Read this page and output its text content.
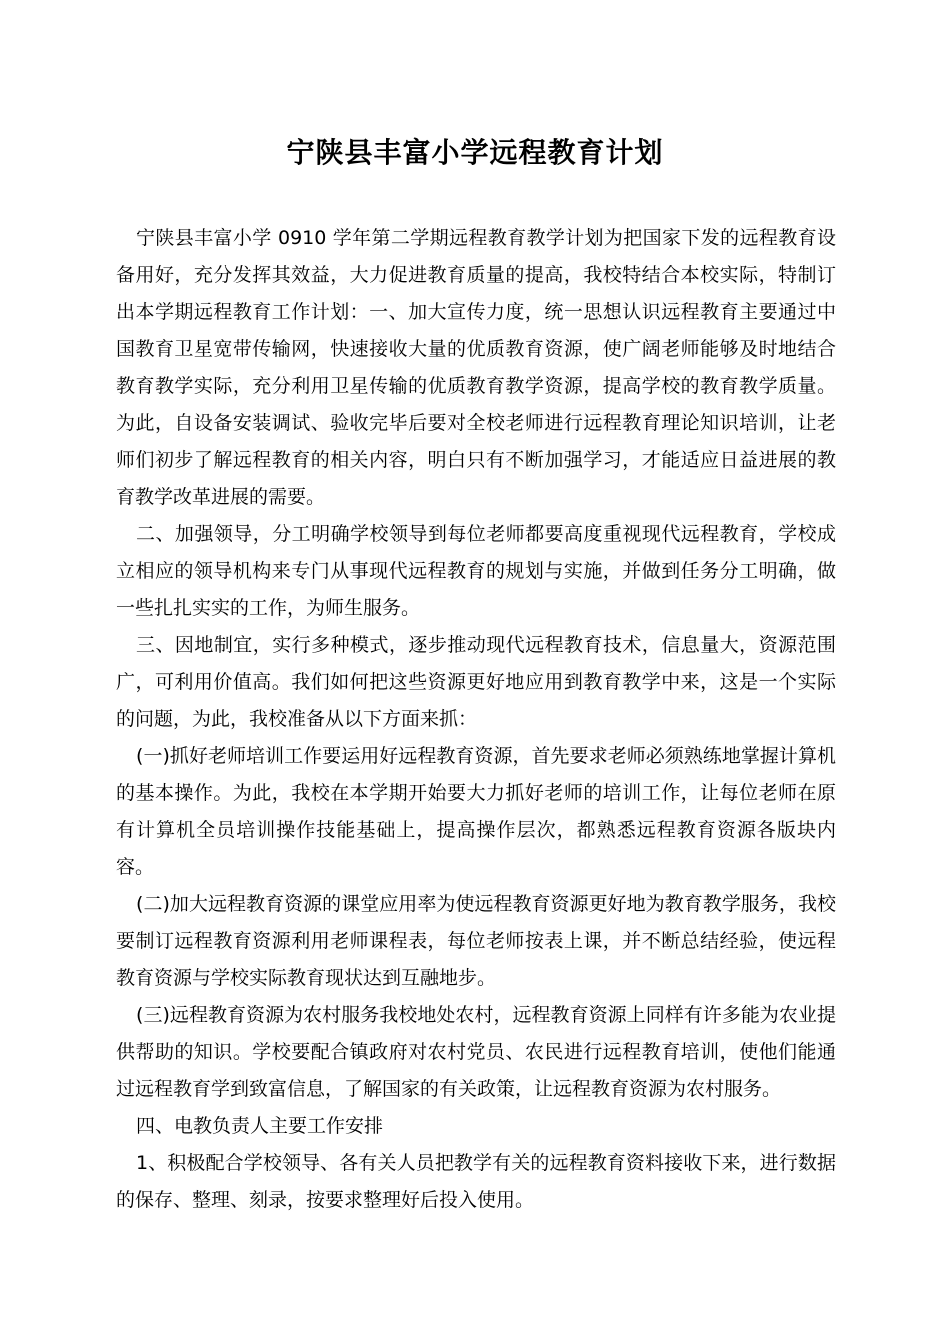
宁陕县丰富小学远程教育计划

宁陕县丰富小学 0910 学年第二学期远程教育教学计划为把国家下发的远程教育设备用好，充分发挥其效益，大力促进教育质量的提高，我校特结合本校实际，特制订出本学期远程教育工作计划：一、加大宣传力度，统一思想认识远程教育主要通过中国教育卫星宽带传输网，快速接收大量的优质教育资源，使广阔老师能够及时地结合教育教学实际，充分利用卫星传输的优质教育教学资源，提高学校的教育教学质量。为此，自设备安装调试、验收完毕后要对全校老师进行远程教育理论知识培训，让老师们初步了解远程教育的相关内容，明白只有不断加强学习，才能适应日益进展的教育教学改革进展的需要。

二、加强领导，分工明确学校领导到每位老师都要高度重视现代远程教育，学校成立相应的领导机构来专门从事现代远程教育的规划与实施，并做到任务分工明确，做一些扎扎实实的工作，为师生服务。

三、因地制宜，实行多种模式，逐步推动现代远程教育技术，信息量大，资源范围广，可利用价值高。我们如何把这些资源更好地应用到教育教学中来，这是一个实际的问题，为此，我校准备从以下方面来抓：

(一)抓好老师培训工作要运用好远程教育资源，首先要求老师必须熟练地掌握计算机的基本操作。为此，我校在本学期开始要大力抓好老师的培训工作，让每位老师在原有计算机全员培训操作技能基础上，提高操作层次，都熟悉远程教育资源各版块内容。

(二)加大远程教育资源的课堂应用率为使远程教育资源更好地为教育教学服务，我校要制订远程教育资源利用老师课程表，每位老师按表上课，并不断总结经验，使远程教育资源与学校实际教育现状达到互融地步。

(三)远程教育资源为农村服务我校地处农村，远程教育资源上同样有许多能为农业提供帮助的知识。学校要配合镇政府对农村党员、农民进行远程教育培训，使他们能通过远程教育学到致富信息，了解国家的有关政策，让远程教育资源为农村服务。

四、电教负责人主要工作安排

1、积极配合学校领导、各有关人员把教学有关的远程教育资料接收下来，进行数据的保存、整理、刻录，按要求整理好后投入使用。
